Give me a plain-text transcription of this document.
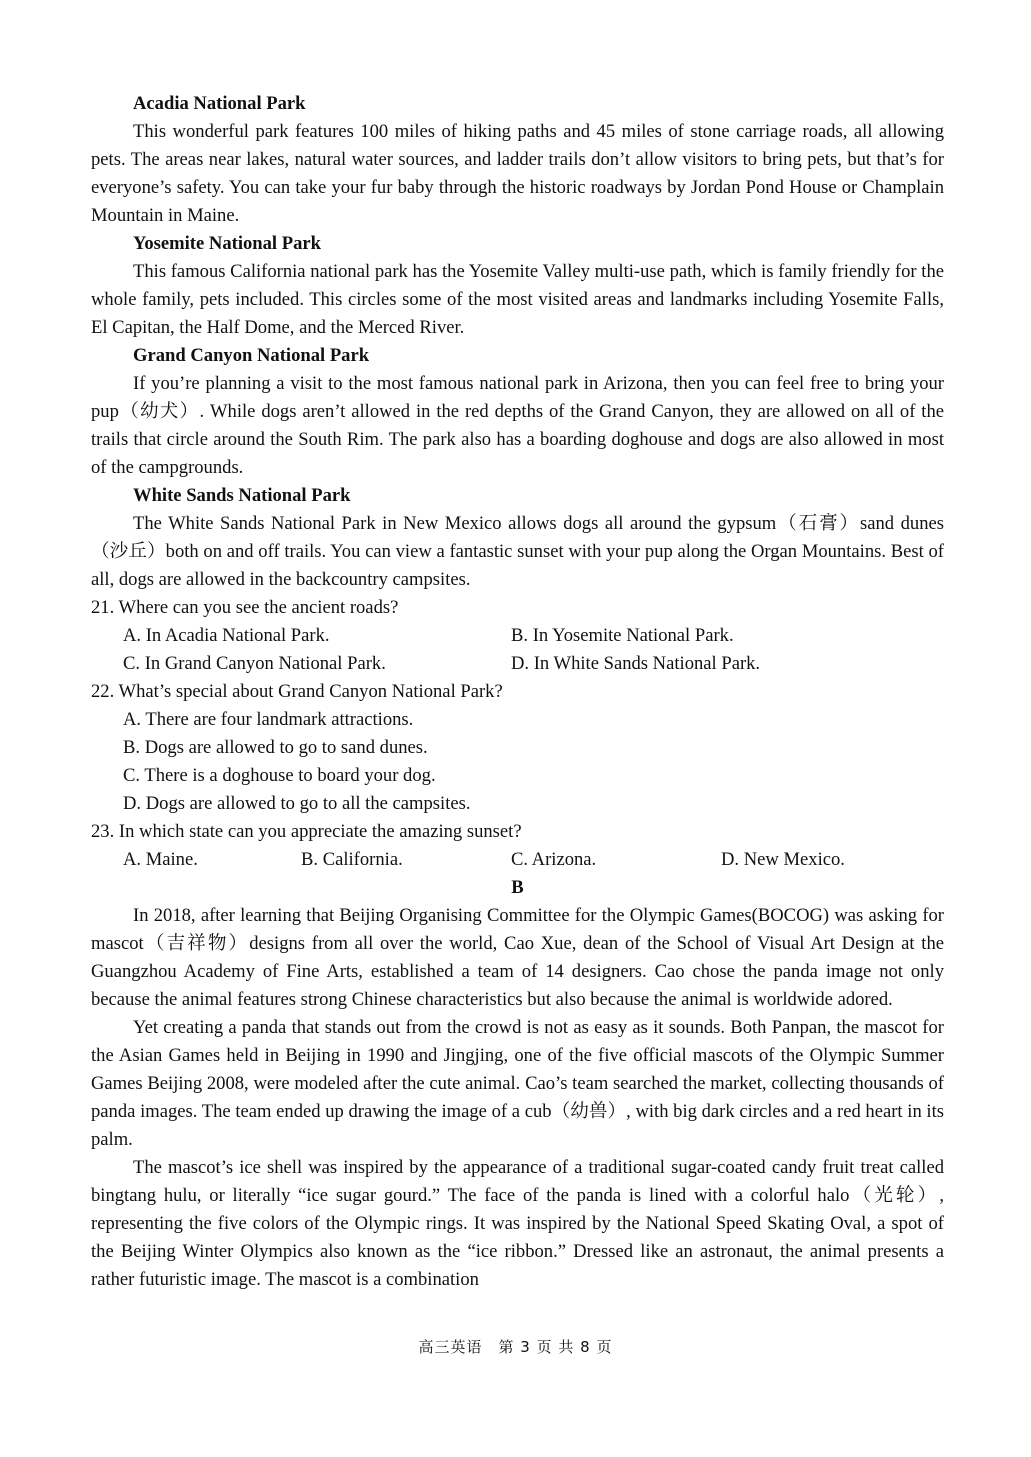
Acadia National Park

This wonderful park features 100 miles of hiking paths and 45 miles of stone carriage roads, all allowing pets. The areas near lakes, natural water sources, and ladder trails don’t allow visitors to bring pets, but that’s for everyone’s safety. You can take your fur baby through the historic roadways by Jordan Pond House or Champlain Mountain in Maine.

Yosemite National Park

This famous California national park has the Yosemite Valley multi-use path, which is family friendly for the whole family, pets included. This circles some of the most visited areas and landmarks including Yosemite Falls, El Capitan, the Half Dome, and the Merced River.

Grand Canyon National Park

If you’re planning a visit to the most famous national park in Arizona, then you can feel free to bring your pup（幼犬）. While dogs aren’t allowed in the red depths of the Grand Canyon, they are allowed on all of the trails that circle around the South Rim. The park also has a boarding doghouse and dogs are also allowed in most of the campgrounds.

White Sands National Park

The White Sands National Park in New Mexico allows dogs all around the gypsum（石膏）sand dunes（沙丘）both on and off trails. You can view a fantastic sunset with your pup along the Organ Mountains. Best of all, dogs are allowed in the backcountry campsites.

21. Where can you see the ancient roads?
A. In Acadia National Park.	B. In Yosemite National Park.
C. In Grand Canyon National Park.	D. In White Sands National Park.
22. What’s special about Grand Canyon National Park?
A. There are four landmark attractions.
B. Dogs are allowed to go to sand dunes.
C. There is a doghouse to board your dog.
D. Dogs are allowed to go to all the campsites.
23. In which state can you appreciate the amazing sunset?
A. Maine.	B. California.	C. Arizona.	D. New Mexico.
B

In 2018, after learning that Beijing Organising Committee for the Olympic Games(BOCOG) was asking for mascot（吉祥物）designs from all over the world, Cao Xue, dean of the School of Visual Art Design at the Guangzhou Academy of Fine Arts, established a team of 14 designers. Cao chose the panda image not only because the animal features strong Chinese characteristics but also because the animal is worldwide adored.

Yet creating a panda that stands out from the crowd is not as easy as it sounds. Both Panpan, the mascot for the Asian Games held in Beijing in 1990 and Jingjing, one of the five official mascots of the Olympic Summer Games Beijing 2008, were modeled after the cute animal. Cao’s team searched the market, collecting thousands of panda images. The team ended up drawing the image of a cub（幼兽）, with big dark circles and a red heart in its palm.

The mascot’s ice shell was inspired by the appearance of a traditional sugar-coated candy fruit treat called bingtang hulu, or literally “ice sugar gourd.” The face of the panda is lined with a colorful halo（光轮）, representing the five colors of the Olympic rings. It was inspired by the National Speed Skating Oval, a spot of the Beijing Winter Olympics also known as the “ice ribbon.” Dressed like an astronaut, the animal presents a rather futuristic image. The mascot is a combination

高三英语　第 3 页 共 8 页
